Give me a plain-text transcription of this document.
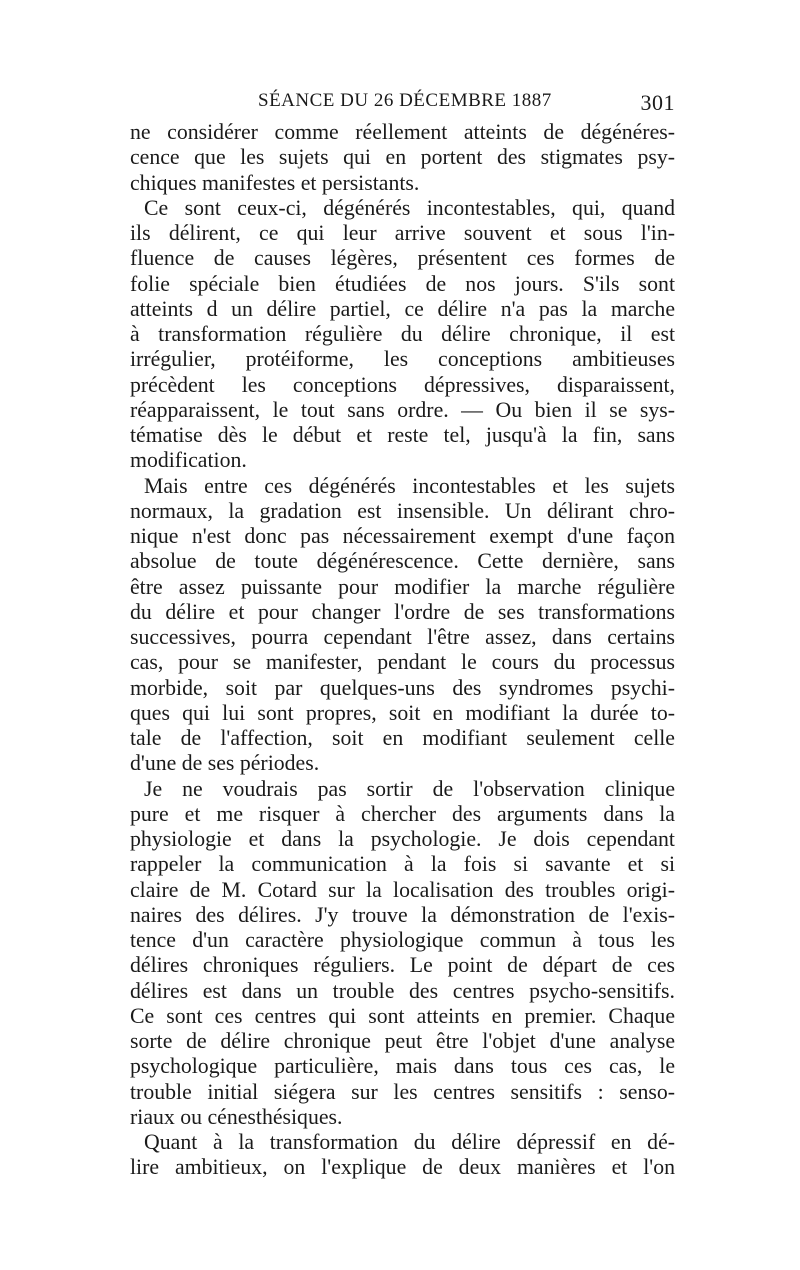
SÉANCE DU 26 DÉCEMBRE 1887	301
ne considérer comme réellement atteints de dégénéres-
cence que les sujets qui en portent des stigmates psy-
chiques manifestes et persistants.
Ce sont ceux-ci, dégénérés incontestables, qui, quand
ils délirent, ce qui leur arrive souvent et sous l'in-
fluence de causes légères, présentent ces formes de
folie spéciale bien étudiées de nos jours. S'ils sont
atteints d un délire partiel, ce délire n'a pas la marche
à transformation régulière du délire chronique, il est
irrégulier, protéiforme, les conceptions ambitieuses
précèdent les conceptions dépressives, disparaissent,
réapparaissent, le tout sans ordre. — Ou bien il se sys-
tématise dès le début et reste tel, jusqu'à la fin, sans
modification.
Mais entre ces dégénérés incontestables et les sujets
normaux, la gradation est insensible. Un délirant chro-
nique n'est donc pas nécessairement exempt d'une façon
absolue de toute dégénérescence. Cette dernière, sans
être assez puissante pour modifier la marche régulière
du délire et pour changer l'ordre de ses transformations
successives, pourra cependant l'être assez, dans certains
cas, pour se manifester, pendant le cours du processus
morbide, soit par quelques-uns des syndromes psychi-
ques qui lui sont propres, soit en modifiant la durée to-
tale de l'affection, soit en modifiant seulement celle
d'une de ses périodes.
Je ne voudrais pas sortir de l'observation clinique
pure et me risquer à chercher des arguments dans la
physiologie et dans la psychologie. Je dois cependant
rappeler la communication à la fois si savante et si
claire de M. Cotard sur la localisation des troubles origi-
naires des délires. J'y trouve la démonstration de l'exis-
tence d'un caractère physiologique commun à tous les
délires chroniques réguliers. Le point de départ de ces
délires est dans un trouble des centres psycho-sensitifs.
Ce sont ces centres qui sont atteints en premier. Chaque
sorte de délire chronique peut être l'objet d'une analyse
psychologique particulière, mais dans tous ces cas, le
trouble initial siégera sur les centres sensitifs : senso-
riaux ou cénesthésiques.
Quant à la transformation du délire dépressif en dé-
lire ambitieux, on l'explique de deux manières et l'on
